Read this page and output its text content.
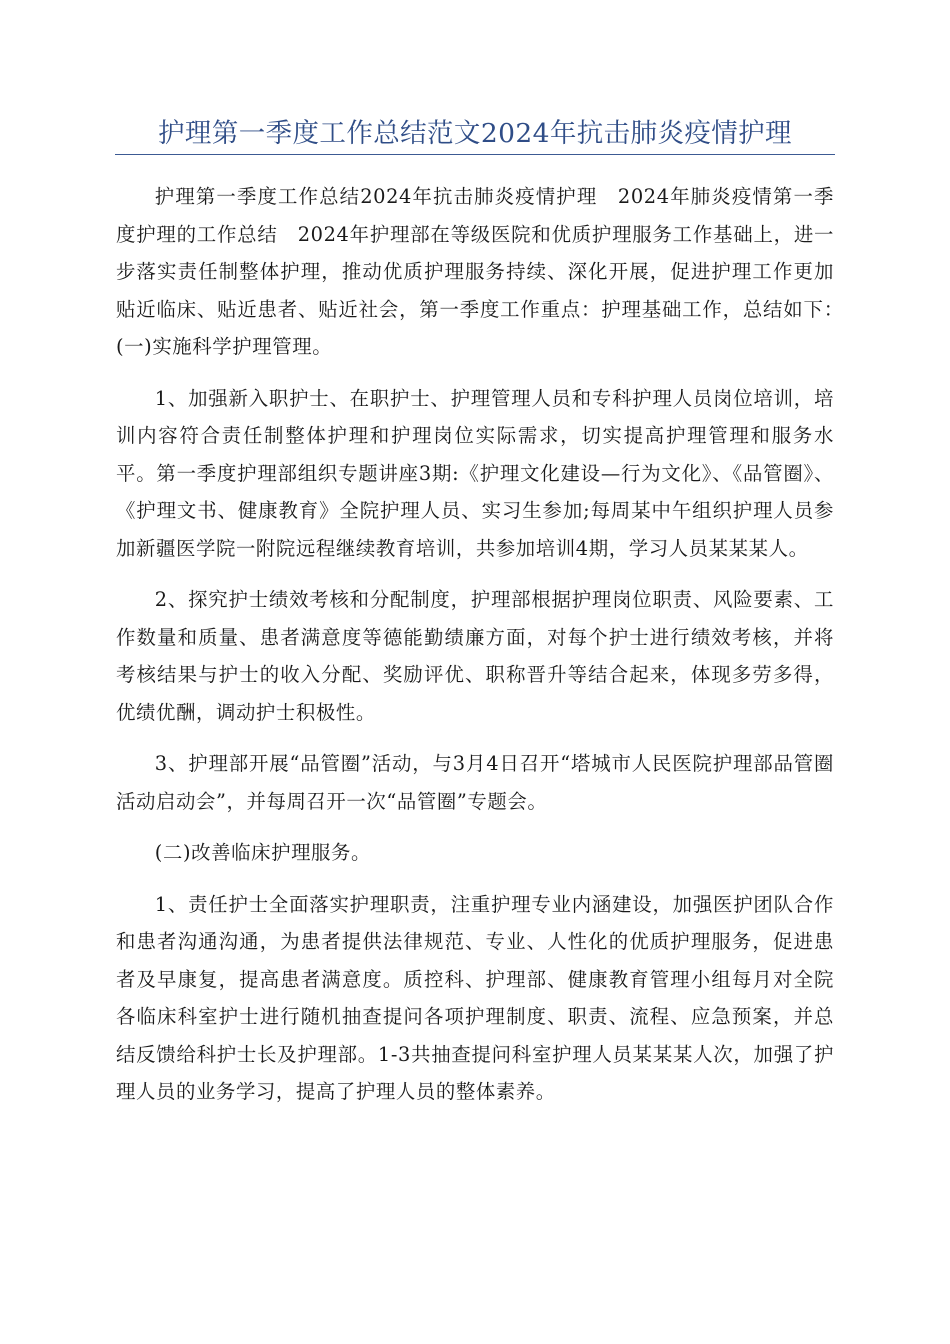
护理第一季度工作总结范文2024年抗击肺炎疫情护理

护理第一季度工作总结2024年抗击肺炎疫情护理　2024年肺炎疫情第一季度护理的工作总结　2024年护理部在等级医院和优质护理服务工作基础上，进一步落实责任制整体护理，推动优质护理服务持续、深化开展，促进护理工作更加贴近临床、贴近患者、贴近社会，第一季度工作重点：护理基础工作，总结如下：　(一)实施科学护理管理。

1、加强新入职护士、在职护士、护理管理人员和专科护理人员岗位培训，培训内容符合责任制整体护理和护理岗位实际需求，切实提高护理管理和服务水平。第一季度护理部组织专题讲座3期:《护理文化建设—行为文化》、《品管圈》、《护理文书、健康教育》全院护理人员、实习生参加;每周某中午组织护理人员参加新疆医学院一附院远程继续教育培训，共参加培训4期，学习人员某某某人。

2、探究护士绩效考核和分配制度，护理部根据护理岗位职责、风险要素、工作数量和质量、患者满意度等德能勤绩廉方面，对每个护士进行绩效考核，并将考核结果与护士的收入分配、奖励评优、职称晋升等结合起来，体现多劳多得，优绩优酬，调动护士积极性。

3、护理部开展“品管圈”活动，与3月4日召开“塔城市人民医院护理部品管圈活动启动会”，并每周召开一次“品管圈”专题会。

(二)改善临床护理服务。

1、责任护士全面落实护理职责，注重护理专业内涵建设，加强医护团队合作和患者沟通沟通，为患者提供法律规范、专业、人性化的优质护理服务，促进患者及早康复，提高患者满意度。质控科、护理部、健康教育管理小组每月对全院各临床科室护士进行随机抽查提问各项护理制度、职责、流程、应急预案，并总结反馈给科护士长及护理部。1-3共抽查提问科室护理人员某某某人次，加强了护理人员的业务学习，提高了护理人员的整体素养。
